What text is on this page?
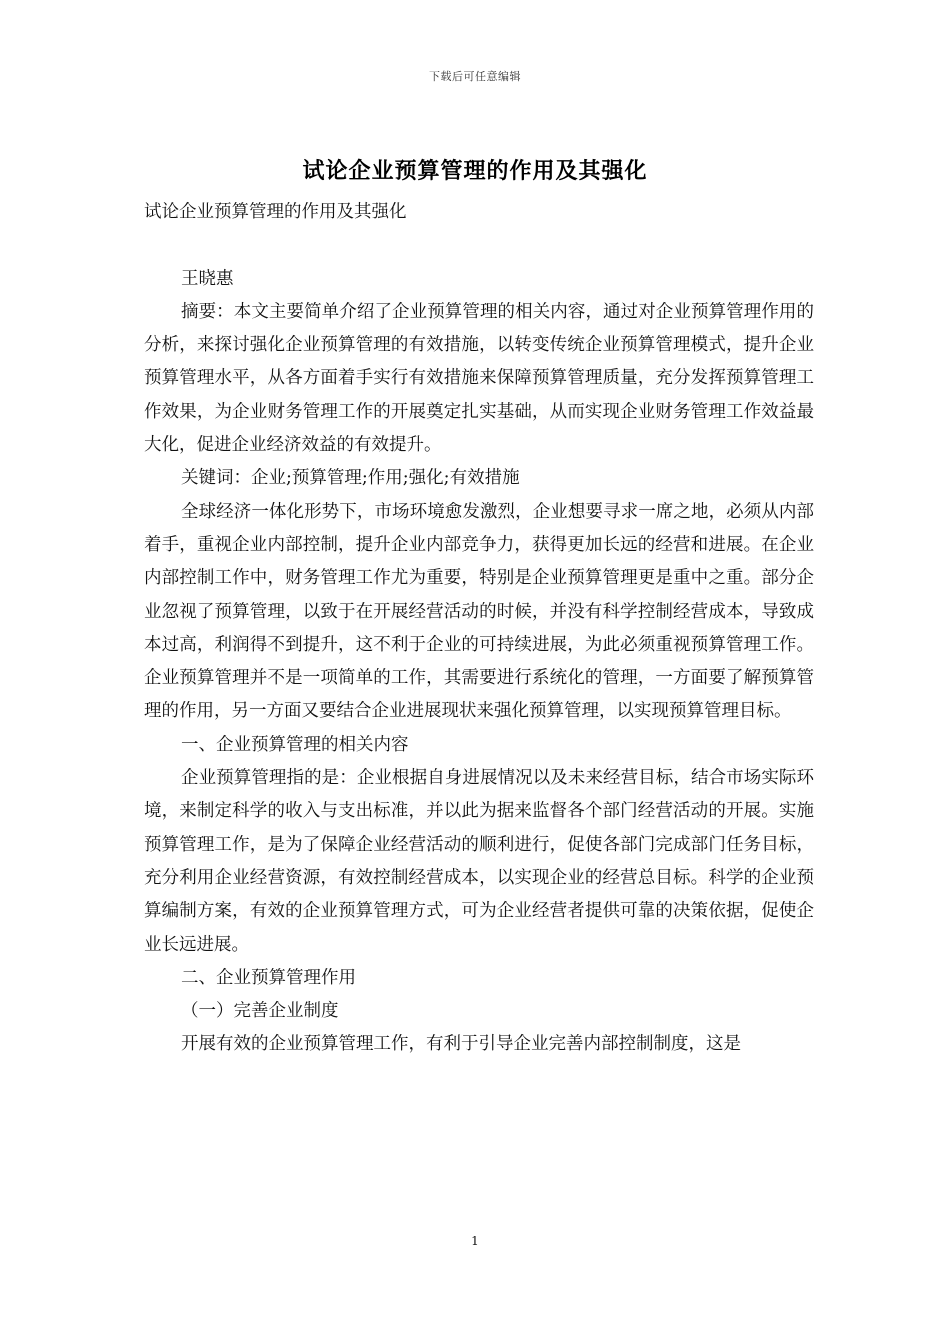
下载后可任意编辑
试论企业预算管理的作用及其强化

试论企业预算管理的作用及其强化

王晓惠

摘要：本文主要简单介绍了企业预算管理的相关内容，通过对企业预算管理作用的分析，来探讨强化企业预算管理的有效措施，以转变传统企业预算管理模式，提升企业预算管理水平，从各方面着手实行有效措施来保障预算管理质量，充分发挥预算管理工作效果，为企业财务管理工作的开展奠定扎实基础，从而实现企业财务管理工作效益最大化，促进企业经济效益的有效提升。

关键词：企业;预算管理;作用;强化;有效措施

全球经济一体化形势下，市场环境愈发激烈，企业想要寻求一席之地，必须从内部着手，重视企业内部控制，提升企业内部竞争力，获得更加长远的经营和进展。在企业内部控制工作中，财务管理工作尤为重要，特别是企业预算管理更是重中之重。部分企业忽视了预算管理，以致于在开展经营活动的时候，并没有科学控制经营成本，导致成本过高，利润得不到提升，这不利于企业的可持续进展，为此必须重视预算管理工作。企业预算管理并不是一项简单的工作，其需要进行系统化的管理，一方面要了解预算管理的作用，另一方面又要结合企业进展现状来强化预算管理，以实现预算管理目标。

一、企业预算管理的相关内容

企业预算管理指的是：企业根据自身进展情况以及未来经营目标，结合市场实际环境，来制定科学的收入与支出标准，并以此为据来监督各个部门经营活动的开展。实施预算管理工作，是为了保障企业经营活动的顺利进行，促使各部门完成部门任务目标，充分利用企业经营资源，有效控制经营成本，以实现企业的经营总目标。科学的企业预算编制方案，有效的企业预算管理方式，可为企业经营者提供可靠的决策依据，促使企业长远进展。

二、企业预算管理作用

（一）完善企业制度

开展有效的企业预算管理工作，有利于引导企业完善内部控制制度，这是

1
